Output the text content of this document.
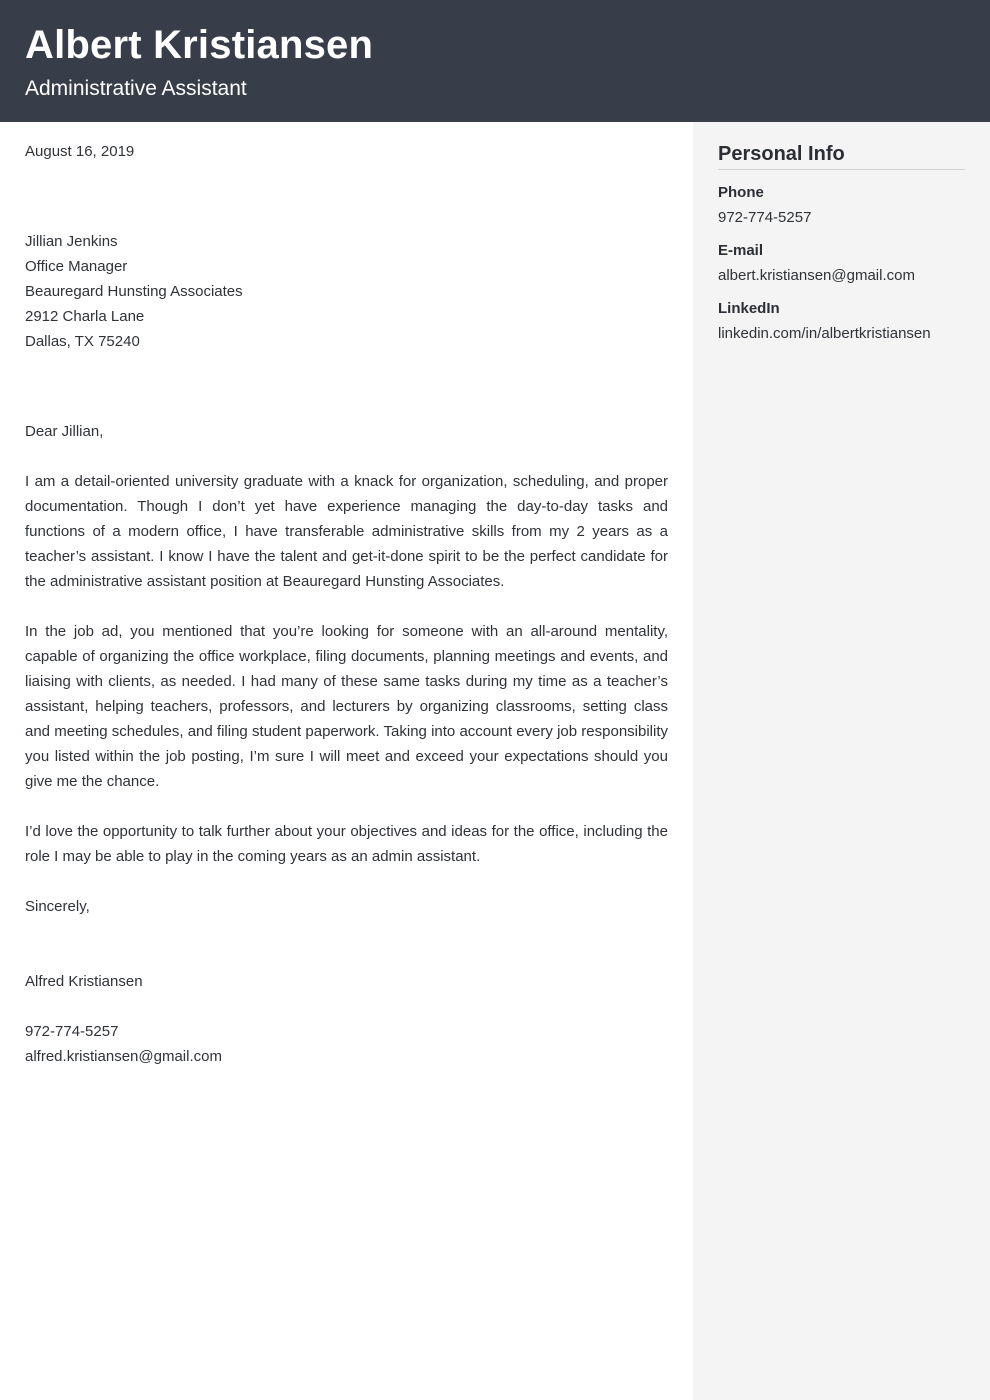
Albert Kristiansen
Administrative Assistant
August 16, 2019
Jillian Jenkins
Office Manager
Beauregard Hunsting Associates
2912 Charla Lane
Dallas, TX 75240
Dear Jillian,
I am a detail-oriented university graduate with a knack for organization, scheduling, and proper documentation. Though I don’t yet have experience managing the day-to-day tasks and functions of a modern office, I have transferable administrative skills from my 2 years as a teacher’s assistant. I know I have the talent and get-it-done spirit to be the perfect candidate for the administrative assistant position at Beauregard Hunsting Associates.
In the job ad, you mentioned that you’re looking for someone with an all-around mentality, capable of organizing the office workplace, filing documents, planning meetings and events, and liaising with clients, as needed. I had many of these same tasks during my time as a teacher’s assistant, helping teachers, professors, and lecturers by organizing classrooms, setting class and meeting schedules, and filing student paperwork. Taking into account every job responsibility you listed within the job posting, I’m sure I will meet and exceed your expectations should you give me the chance.
I’d love the opportunity to talk further about your objectives and ideas for the office, including the role I may be able to play in the coming years as an admin assistant.
Sincerely,
Alfred Kristiansen
972-774-5257
alfred.kristiansen@gmail.com
Personal Info
Phone
972-774-5257
E-mail
albert.kristiansen@gmail.com
LinkedIn
linkedin.com/in/albertkristiansen
